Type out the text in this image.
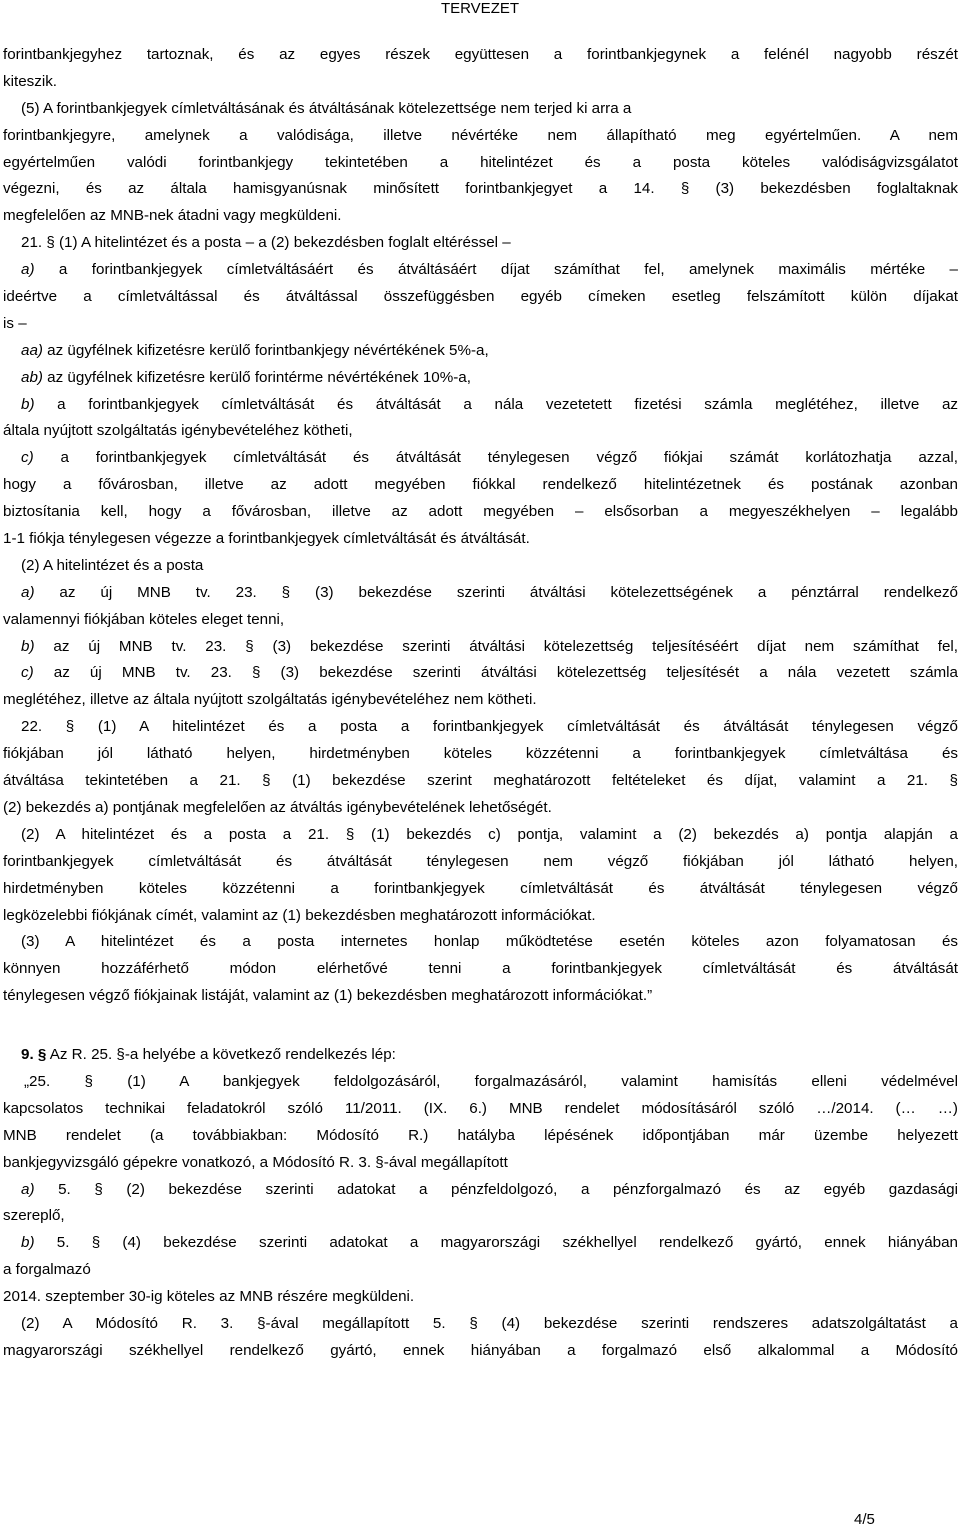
TERVEZET
forintbankjegyhez tartoznak, és az egyes részek együttesen a forintbankjegynek a felénél nagyobb részét
kiteszik.
(5) A forintbankjegyek címletváltásának és átváltásának kötelezettsége nem terjed ki arra a
forintbankjegyre, amelynek a valódisága, illetve névértéke nem állapítható meg egyértelműen. A nem
egyértelműen valódi forintbankjegy tekintetében a hitelintézet és a posta köteles valódiságvizsgálatot
végezni, és az általa hamisgyanúsnak minősített forintbankjegyet a 14. § (3) bekezdésben foglaltaknak
megfelelően az MNB-nek átadni vagy megküldeni.
21. § (1) A hitelintézet és a posta – a (2) bekezdésben foglalt eltéréssel –
a) a forintbankjegyek címletváltásáért és átváltásáért díjat számíthat fel, amelynek maximális mértéke –
ideértve a címletváltással és átváltással összefüggésben egyéb címeken esetleg felszámított külön díjakat
is –
aa) az ügyfélnek kifizetésre kerülő forintbankjegy névértékének 5%-a,
ab) az ügyfélnek kifizetésre kerülő forintérme névértékének 10%-a,
b) a forintbankjegyek címletváltását és átváltását a nála vezetetett fizetési számla meglétéhez, illetve az
általa nyújtott szolgáltatás igénybevételéhez kötheti,
c) a forintbankjegyek címletváltását és átváltását ténylegesen végző fiókjai számát korlátozhatja azzal,
hogy a fővárosban, illetve az adott megyében fiókkal rendelkező hitelintézetnek és postának azonban
biztosítania kell, hogy a fővárosban, illetve az adott megyében – elsősorban a megyeszékhelyen – legalább
1-1 fiókja ténylegesen végezze a forintbankjegyek címletváltását és átváltását.
(2) A hitelintézet és a posta
a) az új MNB tv. 23. § (3) bekezdése szerinti átváltási kötelezettségének a pénztárral rendelkező
valamennyi fiókjában köteles eleget tenni,
b) az új MNB tv. 23. § (3) bekezdése szerinti átváltási kötelezettség teljesítéséért díjat nem számíthat fel,
c) az új MNB tv. 23. § (3) bekezdése szerinti átváltási kötelezettség teljesítését a nála vezetett számla
meglétéhez, illetve az általa nyújtott szolgáltatás igénybevételéhez nem kötheti.
22. § (1) A hitelintézet és a posta a forintbankjegyek címletváltását és átváltását ténylegesen végző
fiókjában jól látható helyen, hirdetményben köteles közzétenni a forintbankjegyek címletváltása és
átváltása tekintetében a 21. § (1) bekezdése szerint meghatározott feltételeket és díjat, valamint a 21. §
(2) bekezdés a) pontjának megfelelően az átváltás igénybevételének lehetőségét.
(2) A hitelintézet és a posta a 21. § (1) bekezdés c) pontja, valamint a (2) bekezdés a) pontja alapján a
forintbankjegyek címletváltását és átváltását ténylegesen nem végző fiókjában jól látható helyen,
hirdetményben köteles közzétenni a forintbankjegyek címletváltását és átváltását ténylegesen végző
legközelebbi fiókjának címét, valamint az (1) bekezdésben meghatározott információkat.
(3) A hitelintézet és a posta internetes honlap működtetése esetén köteles azon folyamatosan és
könnyen hozzáférhető módon elérhetővé tenni a forintbankjegyek címletváltását és átváltását
ténylegesen végző fiókjainak listáját, valamint az (1) bekezdésben meghatározott információkat.”
9. § Az R. 25. §-a helyébe a következő rendelkezés lép:
„25. § (1) A bankjegyek feldolgozásáról, forgalmazásáról, valamint hamisítás elleni védelmével
kapcsolatos technikai feladatokról szóló 11/2011. (IX. 6.) MNB rendelet módosításáról szóló …/2014. (… …)
MNB rendelet (a továbbiakban: Módosító R.) hatályba lépésének időpontjában már üzembe helyezett
bankjegyvizsgáló gépekre vonatkozó, a Módosító R. 3. §-ával megállapított
a) 5. § (2) bekezdése szerinti adatokat a pénzfeldolgozó, a pénzforgalmazó és az egyéb gazdasági
szereplő,
b) 5. § (4) bekezdése szerinti adatokat a magyarországi székhellyel rendelkező gyártó, ennek hiányában
a forgalmazó
2014. szeptember 30-ig köteles az MNB részére megküldeni.
(2) A Módosító R. 3. §-ával megállapított 5. § (4) bekezdése szerinti rendszeres adatszolgáltatást a
magyarországi székhellyel rendelkező gyártó, ennek hiányában a forgalmazó első alkalommal a Módosító
4/5
